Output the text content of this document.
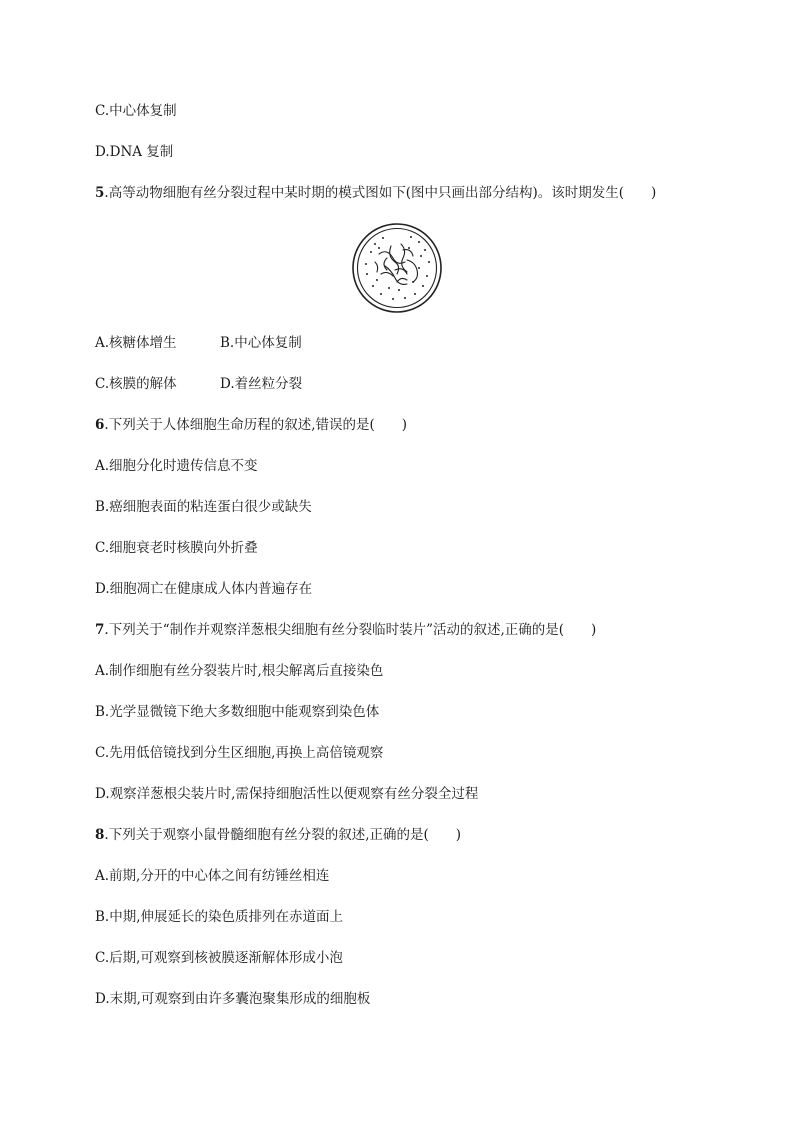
C.中心体复制
D.DNA 复制
5.高等动物细胞有丝分裂过程中某时期的模式图如下(图中只画出部分结构)。该时期发生(　　)
A.核糖体增生	B.中心体复制
C.核膜的解体	D.着丝粒分裂
6.下列关于人体细胞生命历程的叙述,错误的是(　　)
A.细胞分化时遗传信息不变
B.癌细胞表面的粘连蛋白很少或缺失
C.细胞衰老时核膜向外折叠
D.细胞凋亡在健康成人体内普遍存在
7.下列关于“制作并观察洋葱根尖细胞有丝分裂临时装片”活动的叙述,正确的是(　　)
A.制作细胞有丝分裂装片时,根尖解离后直接染色
B.光学显微镜下绝大多数细胞中能观察到染色体
C.先用低倍镜找到分生区细胞,再换上高倍镜观察
D.观察洋葱根尖装片时,需保持细胞活性以便观察有丝分裂全过程
8.下列关于观察小鼠骨髓细胞有丝分裂的叙述,正确的是(　　)
A.前期,分开的中心体之间有纺锤丝相连
B.中期,伸展延长的染色质排列在赤道面上
C.后期,可观察到核被膜逐渐解体形成小泡
D.末期,可观察到由许多囊泡聚集形成的细胞板
